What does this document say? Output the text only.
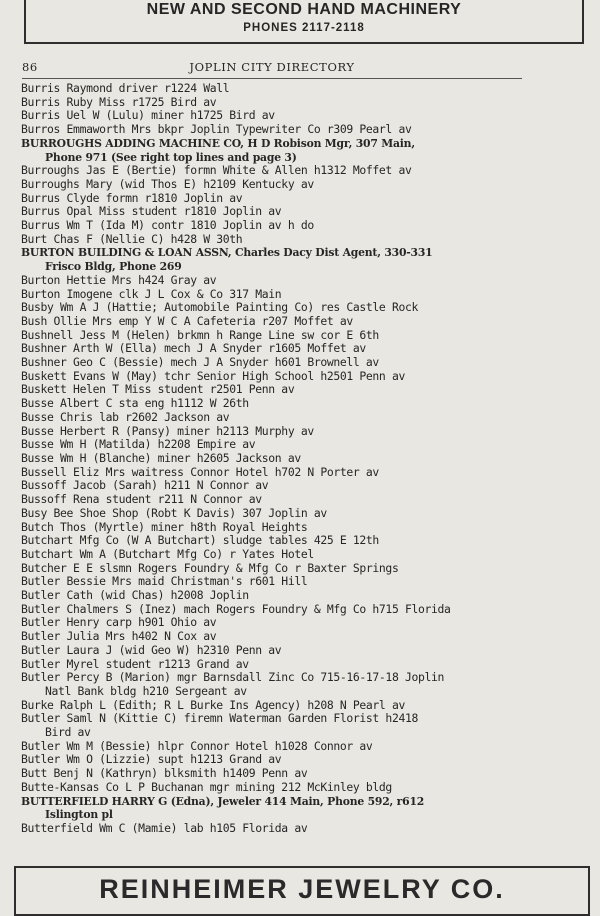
NEW AND SECOND HAND MACHINERY
PHONES 2117-2118
86	JOPLIN CITY DIRECTORY
Burris Raymond driver r1224 Wall
Burris Ruby Miss r1725 Bird av
Burris Uel W (Lulu) miner h1725 Bird av
Burros Emmaworth Mrs bkpr Joplin Typewriter Co r309 Pearl av
BURROUGHS ADDING MACHINE CO, H D Robison Mgr, 307 Main,
Phone 971 (See right top lines and page 3)
Burroughs Jas E (Bertie) formn White & Allen h1312 Moffet av
Burroughs Mary (wid Thos E) h2109 Kentucky av
Burrus Clyde formn r1810 Joplin av
Burrus Opal Miss student r1810 Joplin av
Burrus Wm T (Ida M) contr 1810 Joplin av h do
Burt Chas F (Nellie C) h428 W 30th
BURTON BUILDING & LOAN ASSN, Charles Dacy Dist Agent, 330-331
Frisco Bldg, Phone 269
Burton Hettie Mrs h424 Gray av
Burton Imogene clk J L Cox & Co 317 Main
Busby Wm A J (Hattie; Automobile Painting Co) res Castle Rock
Bush Ollie Mrs emp Y W C A Cafeteria r207 Moffet av
Bushnell Jess M (Helen) brkmn h Range Line sw cor E 6th
Bushner Arth W (Ella) mech J A Snyder r1605 Moffet av
Bushner Geo C (Bessie) mech J A Snyder h601 Brownell av
Buskett Evans W (May) tchr Senior High School h2501 Penn av
Buskett Helen T Miss student r2501 Penn av
Busse Albert C sta eng h1112 W 26th
Busse Chris lab r2602 Jackson av
Busse Herbert R (Pansy) miner h2113 Murphy av
Busse Wm H (Matilda) h2208 Empire av
Busse Wm H (Blanche) miner h2605 Jackson av
Bussell Eliz Mrs waitress Connor Hotel h702 N Porter av
Bussoff Jacob (Sarah) h211 N Connor av
Bussoff Rena student r211 N Connor av
Busy Bee Shoe Shop (Robt K Davis) 307 Joplin av
Butch Thos (Myrtle) miner h8th Royal Heights
Butchart Mfg Co (W A Butchart) sludge tables 425 E 12th
Butchart Wm A (Butchart Mfg Co) r Yates Hotel
Butcher E E slsmn Rogers Foundry & Mfg Co r Baxter Springs
Butler Bessie Mrs maid Christman's r601 Hill
Butler Cath (wid Chas) h2008 Joplin
Butler Chalmers S (Inez) mach Rogers Foundry & Mfg Co h715 Florida
Butler Henry carp h901 Ohio av
Butler Julia Mrs h402 N Cox av
Butler Laura J (wid Geo W) h2310 Penn av
Butler Myrel student r1213 Grand av
Butler Percy B (Marion) mgr Barnsdall Zinc Co 715-16-17-18 Joplin
Natl Bank bldg h210 Sergeant av
Burke Ralph L (Edith; R L Burke Ins Agency) h208 N Pearl av
Butler Saml N (Kittie C) firemn Waterman Garden Florist h2418
Bird av
Butler Wm M (Bessie) hlpr Connor Hotel h1028 Connor av
Butler Wm O (Lizzie) supt h1213 Grand av
Butt Benj N (Kathryn) blksmith h1409 Penn av
Butte-Kansas Co L P Buchanan mgr mining 212 McKinley bldg
BUTTERFIELD HARRY G (Edna), Jeweler 414 Main, Phone 592, r612
Islington pl
Butterfield Wm C (Mamie) lab h105 Florida av
REINHEIMER JEWELRY CO.
